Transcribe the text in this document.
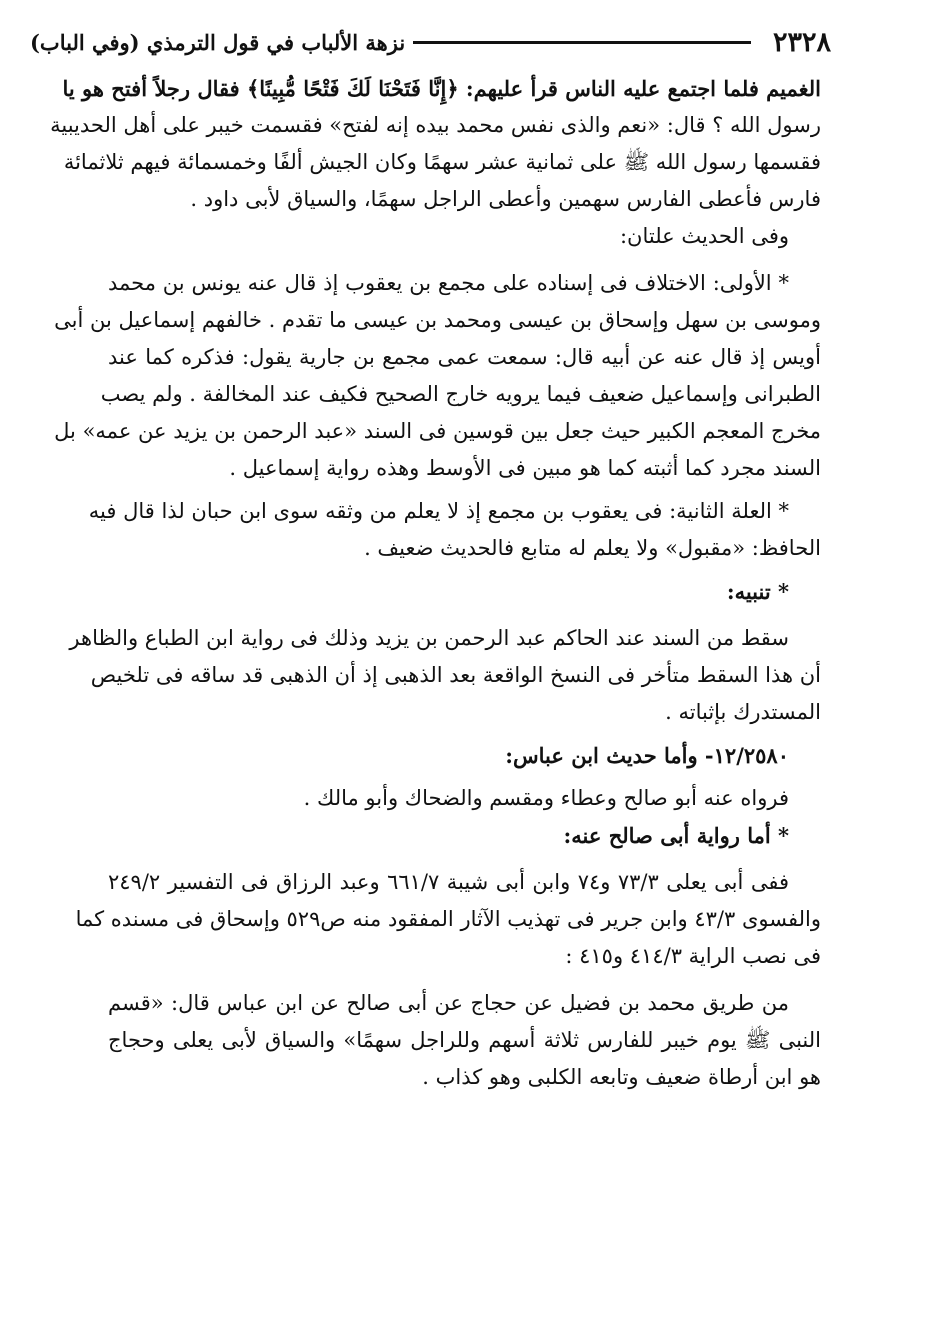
٢٣٢٨
نزهة الألباب في قول الترمذي (وفي الباب)
الغميم فلما اجتمع عليه الناس قرأ عليهم: ﴿إِنَّا فَتَحْنَا لَكَ فَتْحًا مُّبِينًا﴾ فقال رجلاً أفتح هو يا
رسول الله ؟ قال: «نعم والذى نفس محمد بيده إنه لفتح» فقسمت خيبر على أهل الحديبية
فقسمها رسول الله ﷺ على ثمانية عشر سهمًا وكان الجيش ألفًا وخمسمائة فيهم ثلاثمائة
فارس فأعطى الفارس سهمين وأعطى الراجل سهمًا، والسياق لأبى داود .
وفى الحديث علتان:
* الأولى: الاختلاف فى إسناده على مجمع بن يعقوب إذ قال عنه يونس بن محمد
وموسى بن سهل وإسحاق بن عيسى ومحمد بن عيسى ما تقدم . خالفهم إسماعيل بن أبى
أويس إذ قال عنه عن أبيه قال: سمعت عمى مجمع بن جارية يقول: فذكره كما عند
الطبرانى وإسماعيل ضعيف فيما يرويه خارج الصحيح فكيف عند المخالفة . ولم يصب
مخرج المعجم الكبير حيث جعل بين قوسين فى السند «عبد الرحمن بن يزيد عن عمه» بل
السند مجرد كما أثبته كما هو مبين فى الأوسط وهذه رواية إسماعيل .
* العلة الثانية: فى يعقوب بن مجمع إذ لا يعلم من وثقه سوى ابن حبان لذا قال فيه
الحافظ: «مقبول» ولا يعلم له متابع فالحديث ضعيف .
* تنبيه:
سقط من السند عند الحاكم عبد الرحمن بن يزيد وذلك فى رواية ابن الطباع والظاهر
أن هذا السقط متأخر فى النسخ الواقعة بعد الذهبى إذ أن الذهبى قد ساقه فى تلخيص
المستدرك بإثباته .
١٢/٢٥٨٠- وأما حديث ابن عباس:
فرواه عنه أبو صالح وعطاء ومقسم والضحاك وأبو مالك .
* أما رواية أبى صالح عنه:
ففى أبى يعلى ٧٣/٣ و٧٤ وابن أبى شيبة ٦٦١/٧ وعبد الرزاق فى التفسير ٢٤٩/٢
والفسوى ٤٣/٣ وابن جرير فى تهذيب الآثار المفقود منه ص٥٢٩ وإسحاق فى مسنده كما
فى نصب الراية ٤١٤/٣ و٤١٥ :
من طريق محمد بن فضيل عن حجاج عن أبى صالح عن ابن عباس قال: «قسم
النبى ﷺ يوم خيبر للفارس ثلاثة أسهم وللراجل سهمًا» والسياق لأبى يعلى وحجاج
هو ابن أرطاة ضعيف وتابعه الكلبى وهو كذاب .
